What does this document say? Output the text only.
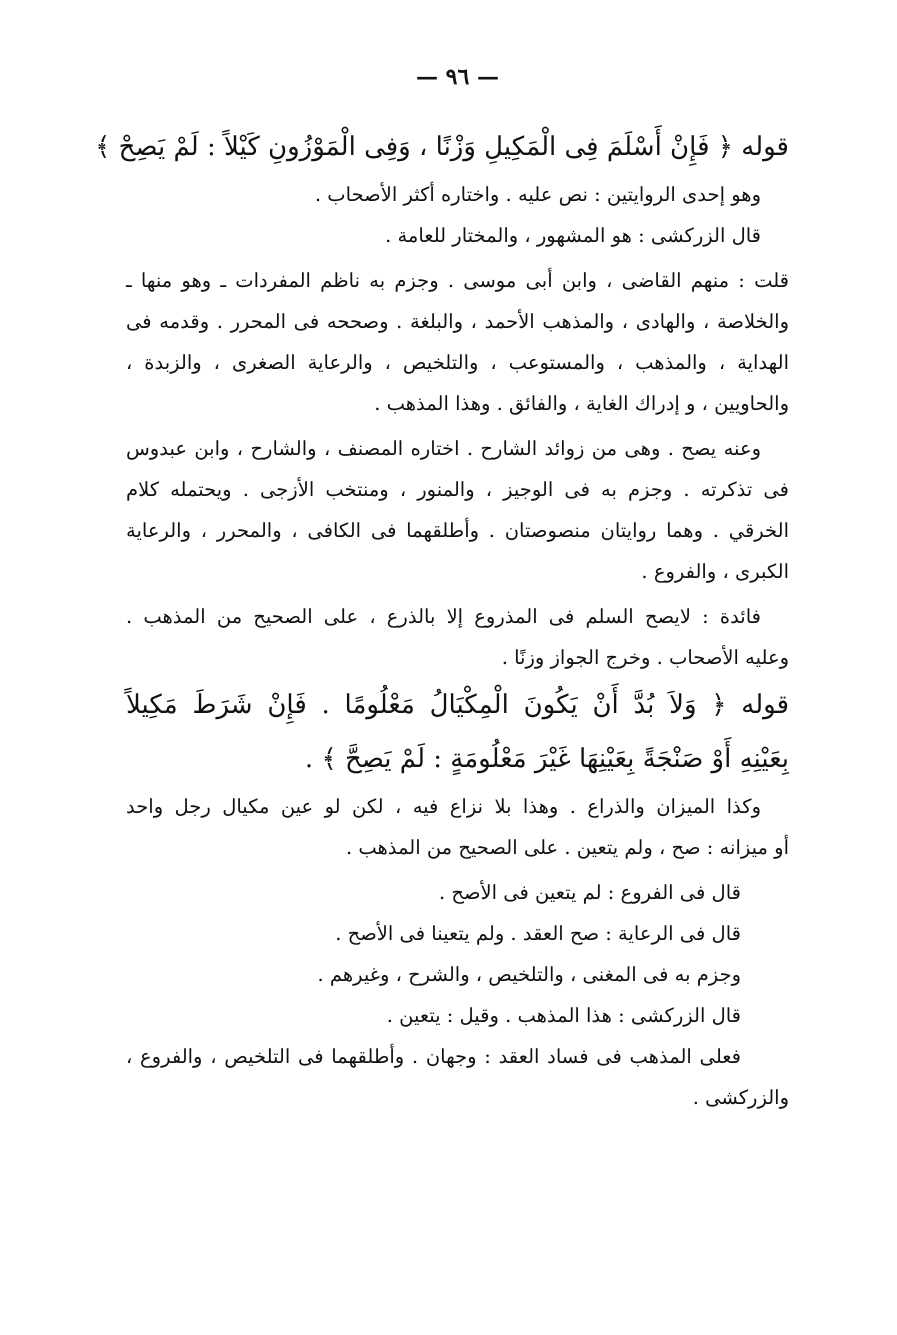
— ٩٦ —
قوله ﴿ فَإِنْ أَسْلَمَ فِى الْمَكِيلِ وَزْنًا ، وَفِى الْمَوْزُونِ كَيْلاً : لَمْ يَصِحْ ﴾
وهو إحدى الروايتين : نص عليه . واختاره أكثر الأصحاب .
قال الزركشى : هو المشهور ، والمختار للعامة .
قلت : منهم القاضى ، وابن أبى موسى . وجزم به ناظم المفردات ـ وهو منها ـ
والخلاصة ، والهادى ، والمذهب الأحمد ، والبلغة . وصححه فى المحرر . وقدمه فى
الهداية ، والمذهب ، والمستوعب ، والتلخيص ، والرعاية الصغرى ، والزبدة ،
والحاويين ، و إدراك الغاية ، والفائق . وهذا المذهب .
وعنه يصح . وهى من زوائد الشارح . اختاره المصنف ، والشارح ، وابن عبدوس
فى تذكرته . وجزم به فى الوجيز ، والمنور ، ومنتخب الأزجى . ويحتمله كلام
الخرقي . وهما روايتان منصوصتان . وأطلقهما فى الكافى ، والمحرر ، والرعاية
الكبرى ، والفروع .
فائدة : لايصح السلم فى المذروع إلا بالذرع ، على الصحيح من المذهب .
وعليه الأصحاب . وخرج الجواز وزنًا .
قوله ﴿ وَلاَ بُدَّ أَنْ يَكُونَ الْمِكْيَالُ مَعْلُومًا . فَإِنْ شَرَطَ مَكِيلاً
بِعَيْنِهِ أَوْ صَنْجَةً بِعَيْنِهَا غَيْرَ مَعْلُومَةٍ : لَمْ يَصِحَّ ﴾ .
وكذا الميزان والذراع . وهذا بلا نزاع فيه ، لكن لو عين مكيال رجل واحد
أو ميزانه : صح ، ولم يتعين . على الصحيح من المذهب .
قال فى الفروع : لم يتعين فى الأصح .
قال فى الرعاية : صح العقد . ولم يتعينا فى الأصح .
وجزم به فى المغنى ، والتلخيص ، والشرح ، وغيرهم .
قال الزركشى : هذا المذهب . وقيل : يتعين .
فعلى المذهب فى فساد العقد : وجهان . وأطلقهما فى التلخيص ، والفروع ،
والزركشى .
